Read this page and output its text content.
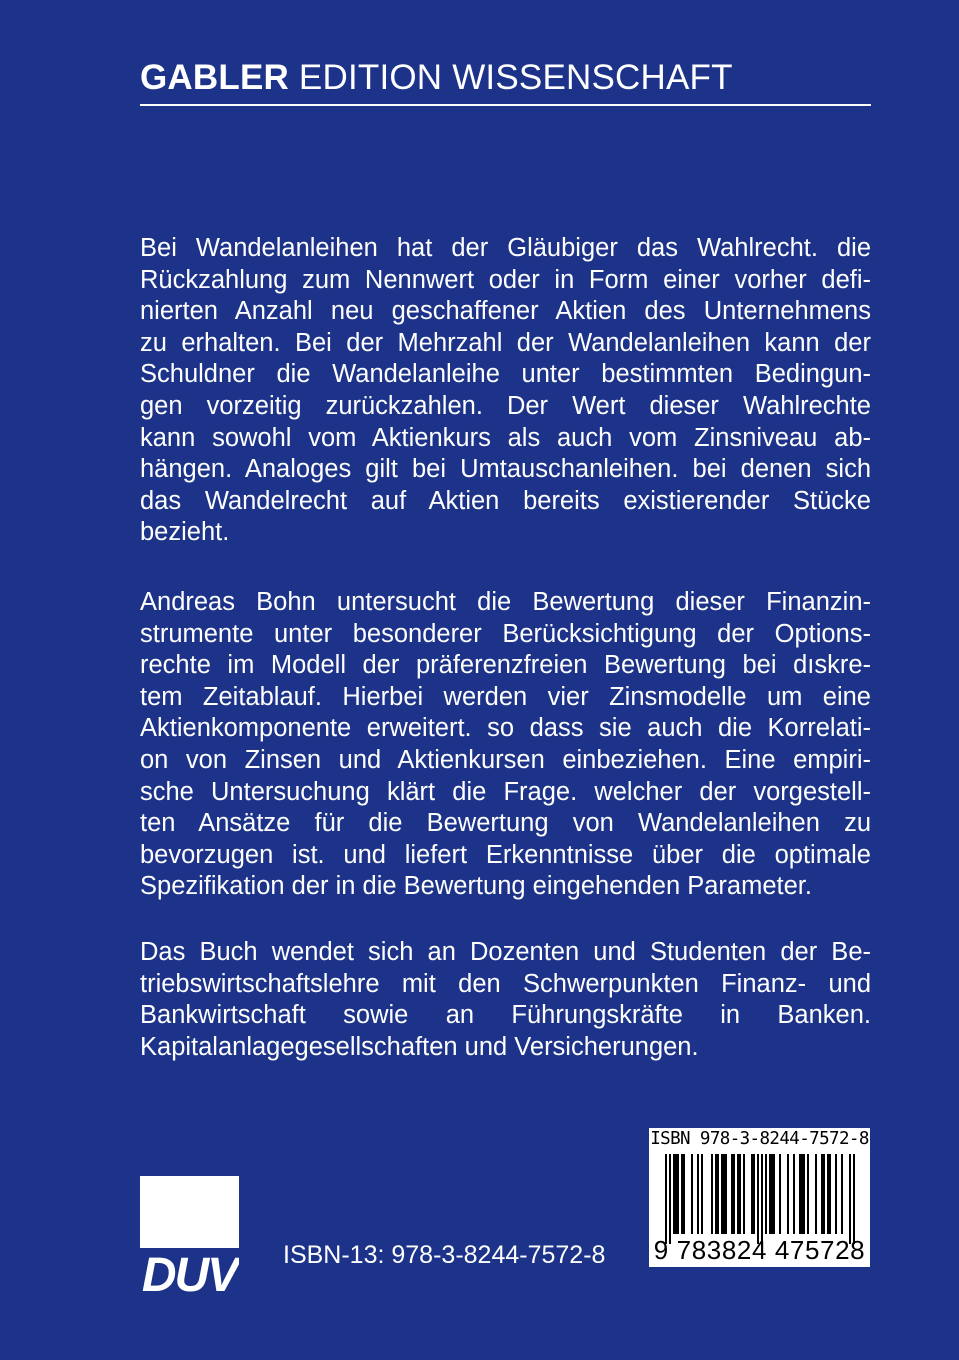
GABLER EDITION WISSENSCHAFT
Bei Wandelanleihen hat der Gläubiger das Wahlrecht. die
Rückzahlung zum Nennwert oder in Form einer vorher defi-
nierten Anzahl neu geschaffener Aktien des Unternehmens
zu erhalten. Bei der Mehrzahl der Wandelanleihen kann der
Schuldner die Wandelanleihe unter bestimmten Bedingun-
gen vorzeitig zurückzahlen. Der Wert dieser Wahlrechte
kann sowohl vom Aktienkurs als auch vom Zinsniveau ab-
hängen. Analoges gilt bei Umtauschanleihen. bei denen sich
das Wandelrecht auf Aktien bereits existierender Stücke
bezieht.
Andreas Bohn untersucht die Bewertung dieser Finanzin-
strumente unter besonderer Berücksichtigung der Options-
rechte im Modell der präferenzfreien Bewertung bei dıskre-
tem Zeitablauf. Hierbei werden vier Zinsmodelle um eine
Aktienkomponente erweitert. so dass sie auch die Korrelati-
on von Zinsen und Aktienkursen einbeziehen. Eine empiri-
sche Untersuchung klärt die Frage. welcher der vorgestell-
ten Ansätze für die Bewertung von Wandelanleihen zu
bevorzugen ist. und liefert Erkenntnisse über die optimale
Spezifikation der in die Bewertung eingehenden Parameter.
Das Buch wendet sich an Dozenten und Studenten der Be-
triebswirtschaftslehre mit den Schwerpunkten Finanz- und
Bankwirtschaft sowie an Führungskräfte in Banken.
Kapitalanlagegesellschaften und Versicherungen.
DUV ISBN-13: 978-3-8244-7572-8
ISBN 978-3-8244-7572-8
9 783824 475728
